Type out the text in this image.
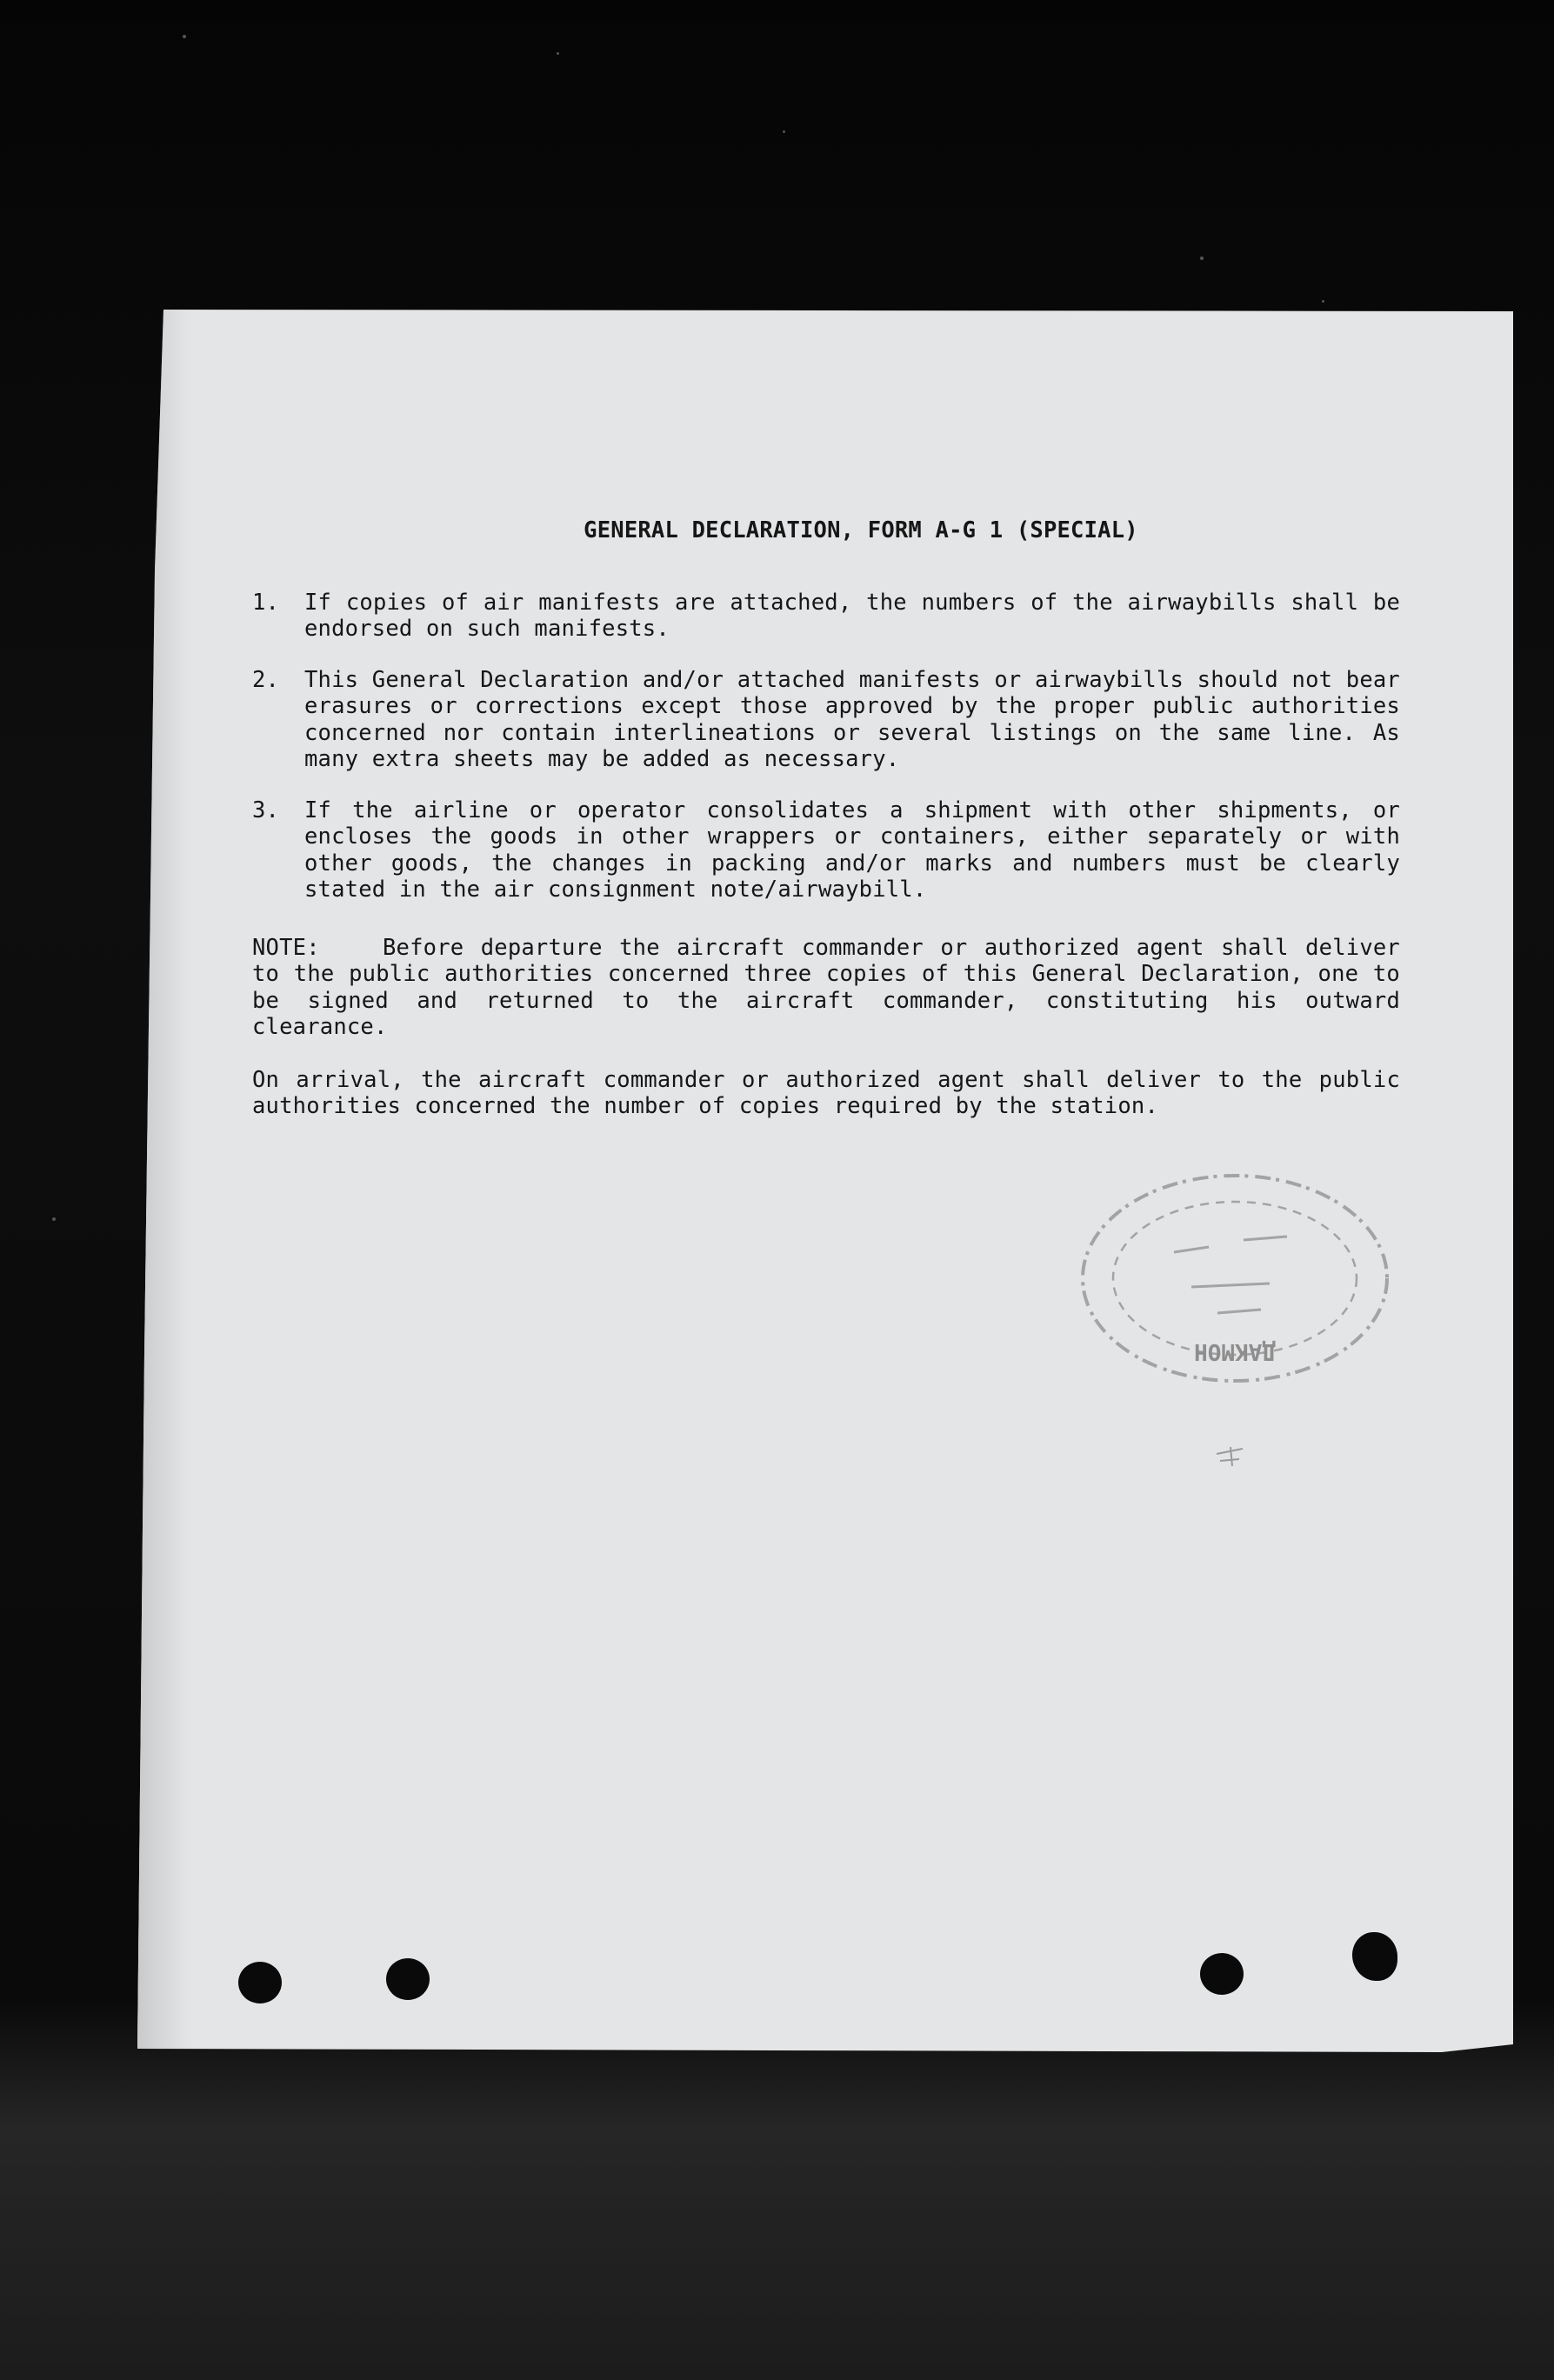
GENERAL DECLARATION, FORM A-G 1 (SPECIAL)
1.	If copies of air manifests are attached, the numbers of the airwaybills shall be endorsed on such manifests.
2.	This General Declaration and/or attached manifests or airwaybills should not bear erasures or corrections except those approved by the proper public authorities concerned nor contain interlineations or several listings on the same line. As many extra sheets may be added as necessary.
3.	If the airline or operator consolidates a shipment with other shipments, or encloses the goods in other wrappers or containers, either separately or with other goods, the changes in packing and/or marks and numbers must be clearly stated in the air consignment note/airwaybill.
NOTE:	Before departure the aircraft commander or authorized agent shall deliver to the public authorities concerned three copies of this General Declaration, one to be signed and returned to the aircraft commander, constituting his outward clearance.
On arrival, the aircraft commander or authorized agent shall deliver to the public authorities concerned the number of copies required by the station.
ДАКМОН
